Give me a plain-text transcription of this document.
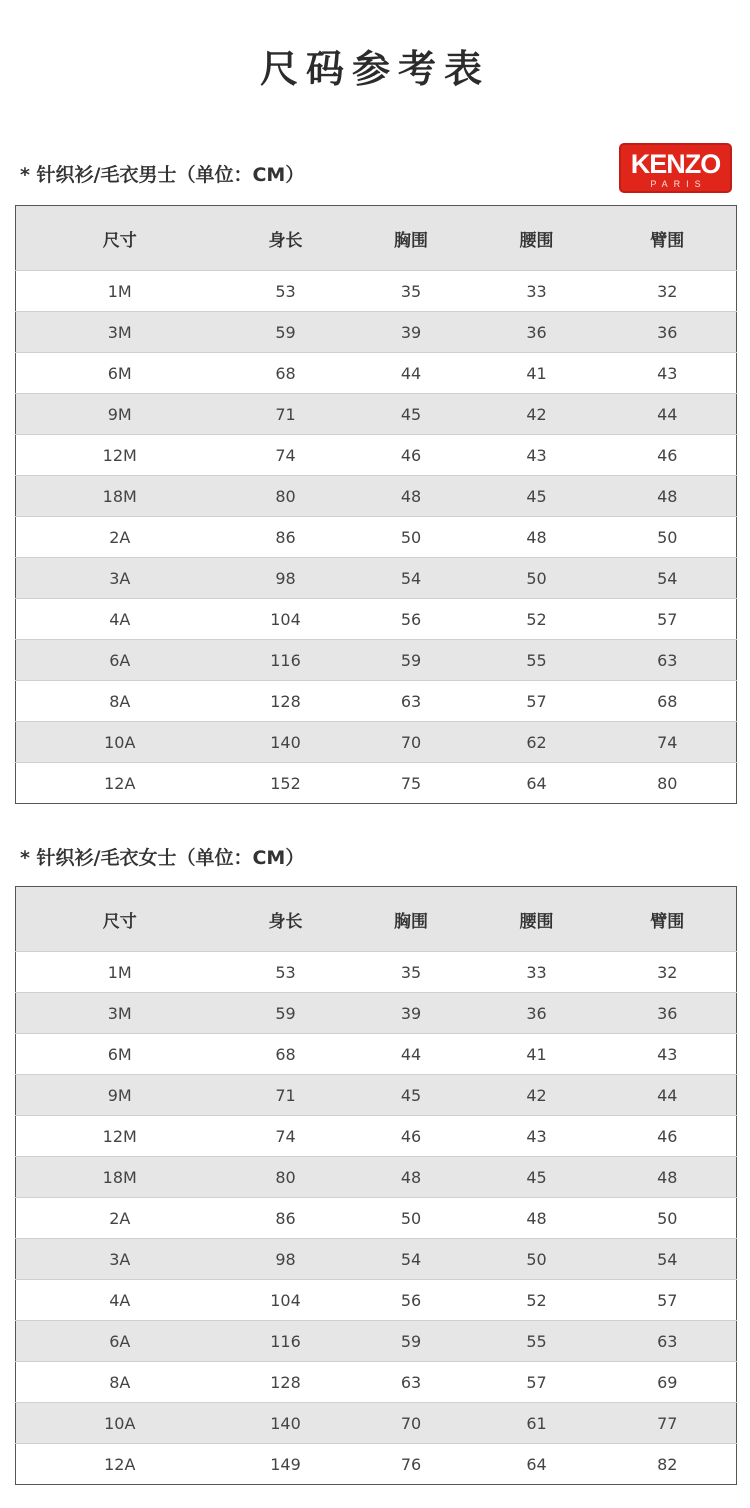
尺码参考表
* 针织衫/毛衣男士（单位：CM）	KENZO
PARIS
尺寸	身长	胸围	腰围	臂围
1M	53	35	33	32
3M	59	39	36	36
6M	68	44	41	43
9M	71	45	42	44
12M	74	46	43	46
18M	80	48	45	48
2A	86	50	48	50
3A	98	54	50	54
4A	104	56	52	57
6A	116	59	55	63
8A	128	63	57	68
10A	140	70	62	74
12A	152	75	64	80
* 针织衫/毛衣女士（单位：CM）
尺寸	身长	胸围	腰围	臂围
1M	53	35	33	32
3M	59	39	36	36
6M	68	44	41	43
9M	71	45	42	44
12M	74	46	43	46
18M	80	48	45	48
2A	86	50	48	50
3A	98	54	50	54
4A	104	56	52	57
6A	116	59	55	63
8A	128	63	57	69
10A	140	70	61	77
12A	149	76	64	82
